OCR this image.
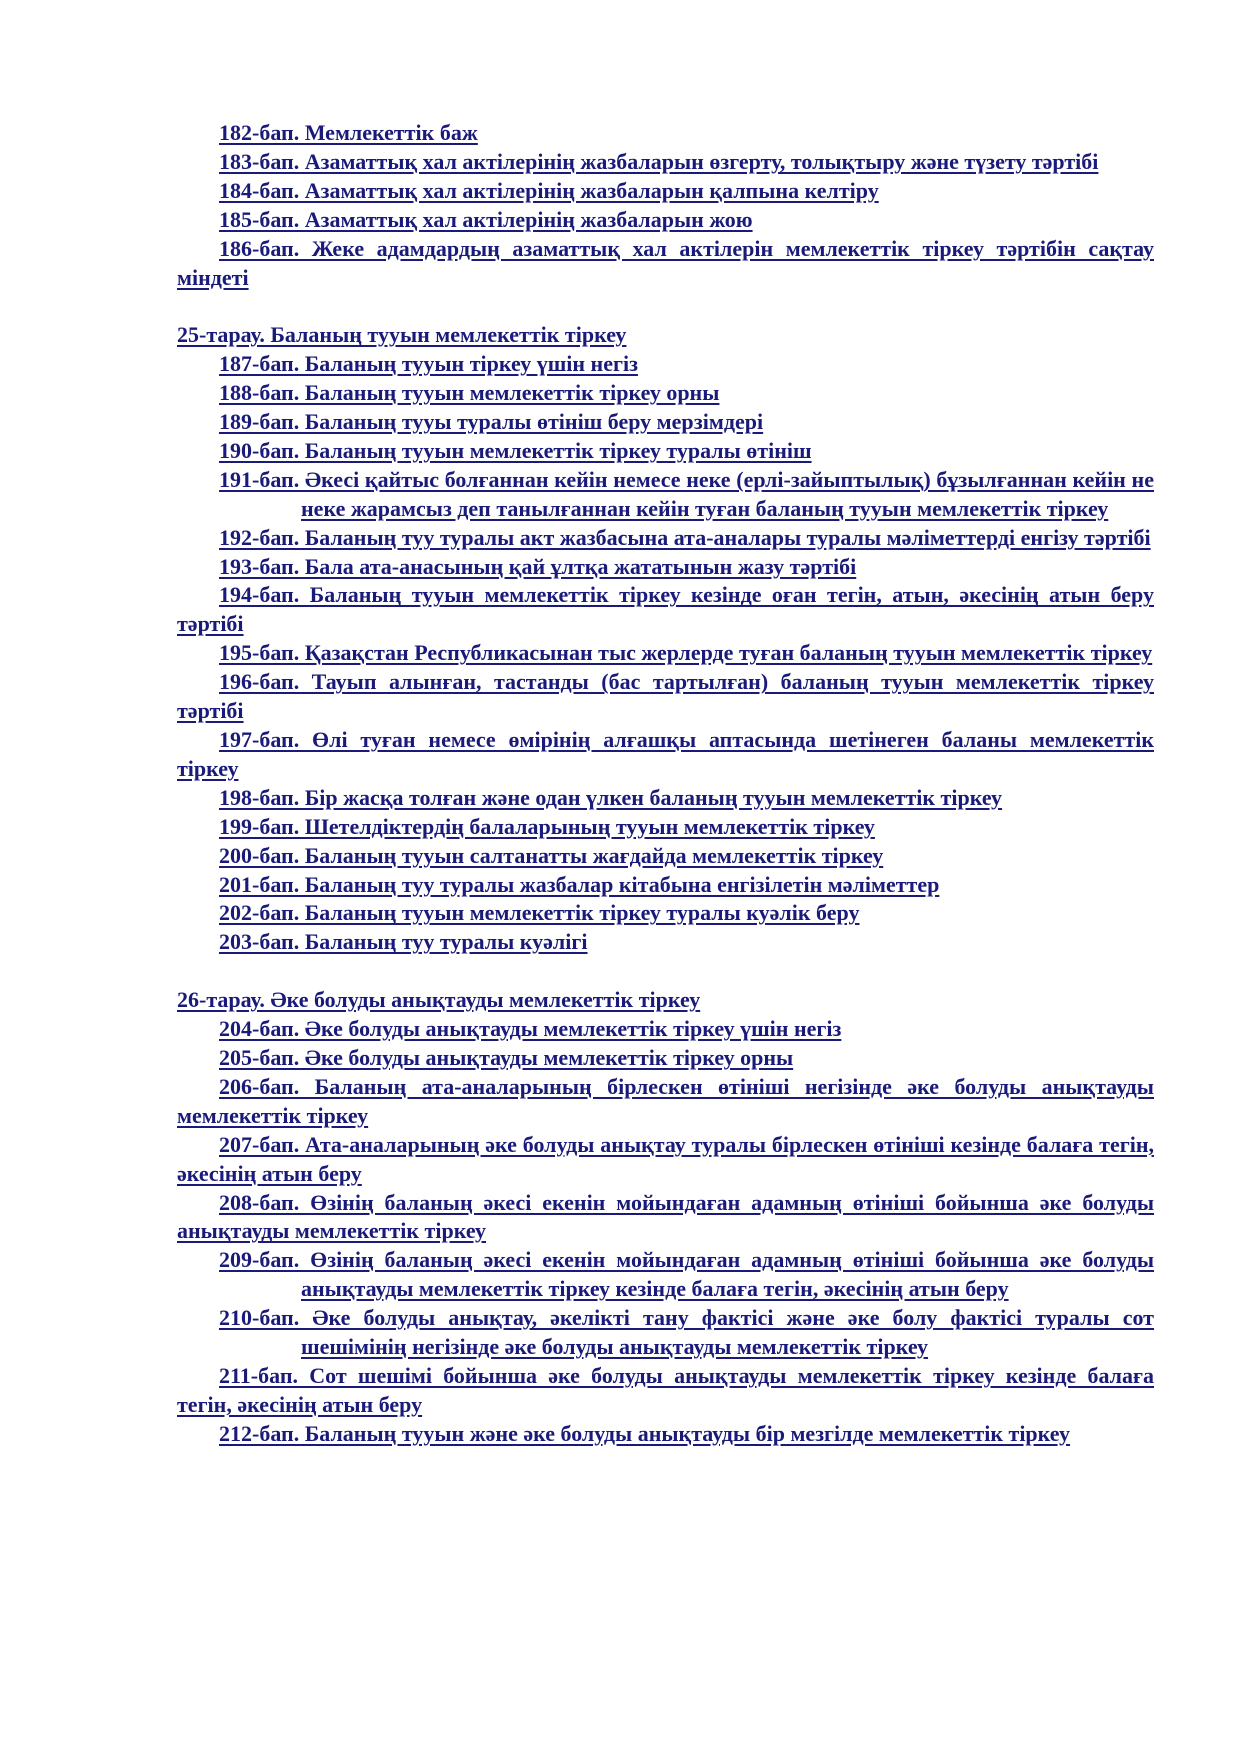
182-бап. Мемлекеттік баж

183-бап. Азаматтық хал актілерінің жазбаларын өзгерту, толықтыру және түзету тәртібі

184-бап. Азаматтық хал актілерінің жазбаларын қалпына келтіру

185-бап. Азаматтық хал актілерінің жазбаларын жою

186-бап. Жеке адамдардың азаматтық хал актілерін мемлекеттік тіркеу тәртібін сақтау міндеті

25-тарау. Баланың тууын мемлекеттік тіркеу

187-бап. Баланың тууын тіркеу үшін негіз

188-бап. Баланың тууын мемлекеттік тіркеу орны

189-бап. Баланың тууы туралы өтініш беру мерзімдері

190-бап. Баланың тууын мемлекеттік тіркеу туралы өтініш

191-бап. Әкесі қайтыс болғаннан кейін немесе неке (ерлі-зайыптылық) бұзылғаннан кейін не неке жарамсыз деп танылғаннан кейін туған баланың тууын мемлекеттік тіркеу

192-бап. Баланың туу туралы акт жазбасына ата-аналары туралы мәліметтерді енгізу тәртібі

193-бап. Бала ата-анасының қай ұлтқа жататынын жазу тәртібі

194-бап. Баланың тууын мемлекеттік тіркеу кезінде оған тегін, атын, әкесінің атын беру тәртібі

195-бап. Қазақстан Республикасынан тыс жерлерде туған баланың тууын мемлекеттік тіркеу

196-бап. Тауып алынған, тастанды (бас тартылған) баланың тууын мемлекеттік тіркеу тәртібі

197-бап. Өлі туған немесе өмірінің алғашқы аптасында шетінеген баланы мемлекеттік тіркеу

198-бап. Бір жасқа толған және одан үлкен баланың тууын мемлекеттік тіркеу

199-бап. Шетелдіктердің балаларының тууын мемлекеттік тіркеу

200-бап. Баланың тууын салтанатты жағдайда мемлекеттік тіркеу

201-бап. Баланың туу туралы жазбалар кітабына енгізілетін мәліметтер

202-бап. Баланың тууын мемлекеттік тіркеу туралы куәлік беру

203-бап. Баланың туу туралы куәлігі

26-тарау. Әке болуды анықтауды мемлекеттік тіркеу

204-бап. Әке болуды анықтауды мемлекеттік тіркеу үшін негіз

205-бап. Әке болуды анықтауды мемлекеттік тіркеу орны

206-бап. Баланың ата-аналарының бірлескен өтініші негізінде әке болуды анықтауды мемлекеттік тіркеу

207-бап. Ата-аналарының әке болуды анықтау туралы бірлескен өтініші кезінде балаға тегін, әкесінің атын беру

208-бап. Өзінің баланың әкесі екенін мойындаған адамның өтініші бойынша әке болуды анықтауды мемлекеттік тіркеу

209-бап. Өзінің баланың әкесі екенін мойындаған адамның өтініші бойынша әке болуды анықтауды мемлекеттік тіркеу кезінде балаға тегін, әкесінің атын беру

210-бап. Әке болуды анықтау, әкелікті тану фактісі және әке болу фактісі туралы сот шешімінің негізінде әке болуды анықтауды мемлекеттік тіркеу

211-бап. Сот шешімі бойынша әке болуды анықтауды мемлекеттік тіркеу кезінде балаға тегін, әкесінің атын беру

212-бап. Баланың тууын және әке болуды анықтауды бір мезгілде мемлекеттік тіркеу
